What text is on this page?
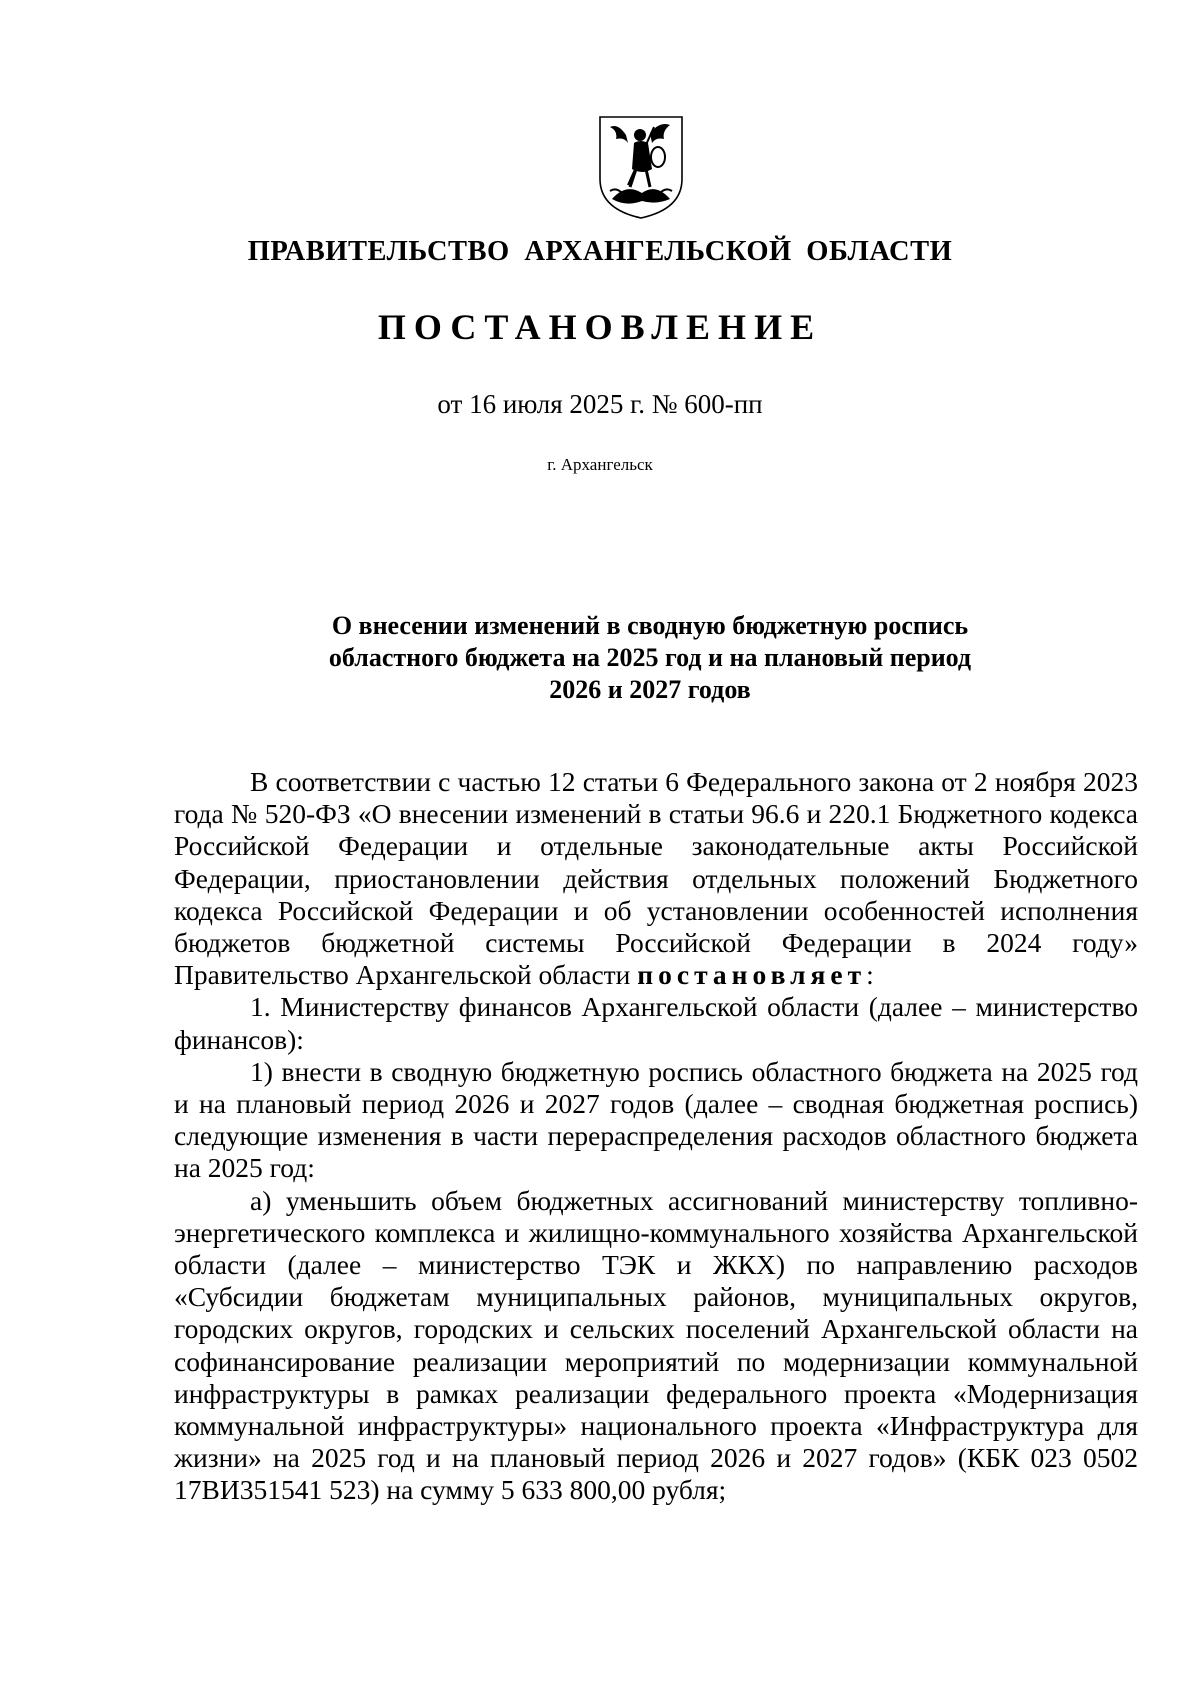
ПРАВИТЕЛЬСТВО АРХАНГЕЛЬСКОЙ ОБЛАСТИ
ПОСТАНОВЛЕНИЕ
от 16 июля 2025 г. № 600-пп
г. Архангельск
О внесении изменений в сводную бюджетную роспись
областного бюджета на 2025 год и на плановый период
2026 и 2027 годов

В соответствии с частью 12 статьи 6 Федерального закона от 2 ноября 2023 года № 520-ФЗ «О внесении изменений в статьи 96.6 и 220.1 Бюджетного кодекса Российской Федерации и отдельные законодательные акты Российской Федерации, приостановлении действия отдельных положений Бюджетного кодекса Российской Федерации и об установлении особенностей исполнения бюджетов бюджетной системы Российской Федерации в 2024 году» Правительство Архангельской области постановляет:

1. Министерству финансов Архангельской области (далее – министерство финансов):

1) внести в сводную бюджетную роспись областного бюджета на 2025 год и на плановый период 2026 и 2027 годов (далее – сводная бюджетная роспись) следующие изменения в части перераспределения расходов областного бюджета на 2025 год:

а) уменьшить объем бюджетных ассигнований министерству топливно-энергетического комплекса и жилищно-коммунального хозяйства Архангельской области (далее – министерство ТЭК и ЖКХ) по направлению расходов «Субсидии бюджетам муниципальных районов, муниципальных округов, городских округов, городских и сельских поселений Архангельской области на софинансирование реализации мероприятий по модернизации коммунальной инфраструктуры в рамках реализации федерального проекта «Модернизация коммунальной инфраструктуры» национального проекта «Инфраструктура для жизни» на 2025 год и на плановый период 2026 и 2027 годов» (КБК 023 0502 17ВИ351541 523) на сумму 5 633 800,00 рубля;
